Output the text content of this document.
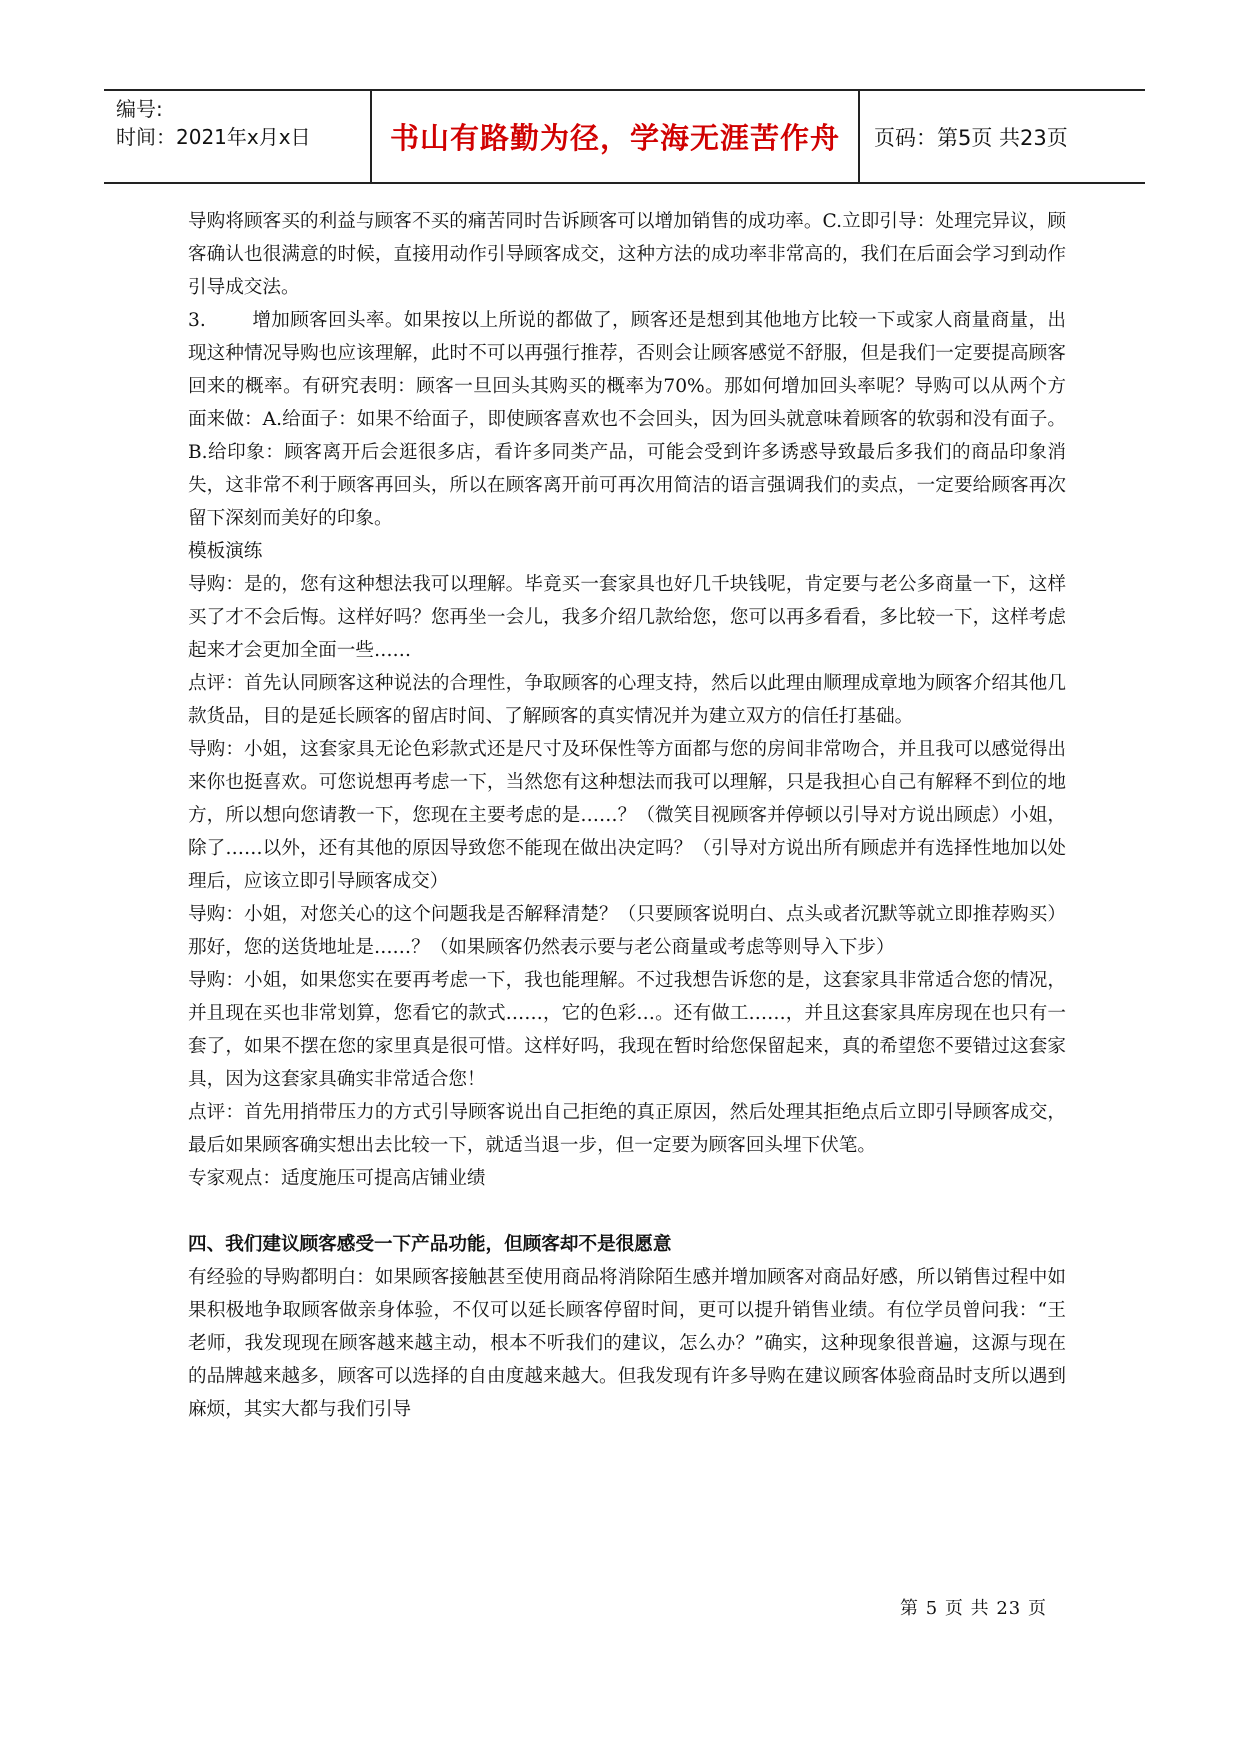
编号:
时间：2021年x月x日	书山有路勤为径，学海无涯苦作舟	页码：第5页 共23页

导购将顾客买的利益与顾客不买的痛苦同时告诉顾客可以增加销售的成功率。C.立即引导：处理完异议，顾客确认也很满意的时候，直接用动作引导顾客成交，这种方法的成功率非常高的，我们在后面会学习到动作引导成交法。

3. 增加顾客回头率。如果按以上所说的都做了，顾客还是想到其他地方比较一下或家人商量商量，出现这种情况导购也应该理解，此时不可以再强行推荐，否则会让顾客感觉不舒服，但是我们一定要提高顾客回来的概率。有研究表明：顾客一旦回头其购买的概率为70%。那如何增加回头率呢？导购可以从两个方面来做：A.给面子：如果不给面子，即使顾客喜欢也不会回头，因为回头就意味着顾客的软弱和没有面子。B.给印象：顾客离开后会逛很多店，看许多同类产品，可能会受到许多诱惑导致最后多我们的商品印象消失，这非常不利于顾客再回头，所以在顾客离开前可再次用简洁的语言强调我们的卖点，一定要给顾客再次留下深刻而美好的印象。

模板演练

导购：是的，您有这种想法我可以理解。毕竟买一套家具也好几千块钱呢，肯定要与老公多商量一下，这样买了才不会后悔。这样好吗？您再坐一会儿，我多介绍几款给您，您可以再多看看，多比较一下，这样考虑起来才会更加全面一些……

点评：首先认同顾客这种说法的合理性，争取顾客的心理支持，然后以此理由顺理成章地为顾客介绍其他几款货品，目的是延长顾客的留店时间、了解顾客的真实情况并为建立双方的信任打基础。

导购：小姐，这套家具无论色彩款式还是尺寸及环保性等方面都与您的房间非常吻合，并且我可以感觉得出来你也挺喜欢。可您说想再考虑一下，当然您有这种想法而我可以理解，只是我担心自己有解释不到位的地方，所以想向您请教一下，您现在主要考虑的是……？（微笑目视顾客并停顿以引导对方说出顾虑）小姐，除了……以外，还有其他的原因导致您不能现在做出决定吗？（引导对方说出所有顾虑并有选择性地加以处理后，应该立即引导顾客成交）

导购：小姐，对您关心的这个问题我是否解释清楚？（只要顾客说明白、点头或者沉默等就立即推荐购买）那好，您的送货地址是……？（如果顾客仍然表示要与老公商量或考虑等则导入下步）

导购：小姐，如果您实在要再考虑一下，我也能理解。不过我想告诉您的是，这套家具非常适合您的情况，并且现在买也非常划算，您看它的款式……，它的色彩…。还有做工……，并且这套家具库房现在也只有一套了，如果不摆在您的家里真是很可惜。这样好吗，我现在暂时给您保留起来，真的希望您不要错过这套家具，因为这套家具确实非常适合您！

点评：首先用捎带压力的方式引导顾客说出自己拒绝的真正原因，然后处理其拒绝点后立即引导顾客成交，最后如果顾客确实想出去比较一下，就适当退一步，但一定要为顾客回头埋下伏笔。

专家观点：适度施压可提高店铺业绩

四、我们建议顾客感受一下产品功能，但顾客却不是很愿意

有经验的导购都明白：如果顾客接触甚至使用商品将消除陌生感并增加顾客对商品好感，所以销售过程中如果积极地争取顾客做亲身体验，不仅可以延长顾客停留时间，更可以提升销售业绩。有位学员曾问我：“王老师，我发现现在顾客越来越主动，根本不听我们的建议，怎么办？”确实，这种现象很普遍，这源与现在的品牌越来越多，顾客可以选择的自由度越来越大。但我发现有许多导购在建议顾客体验商品时支所以遇到麻烦，其实大都与我们引导

第 5 页 共 23 页
